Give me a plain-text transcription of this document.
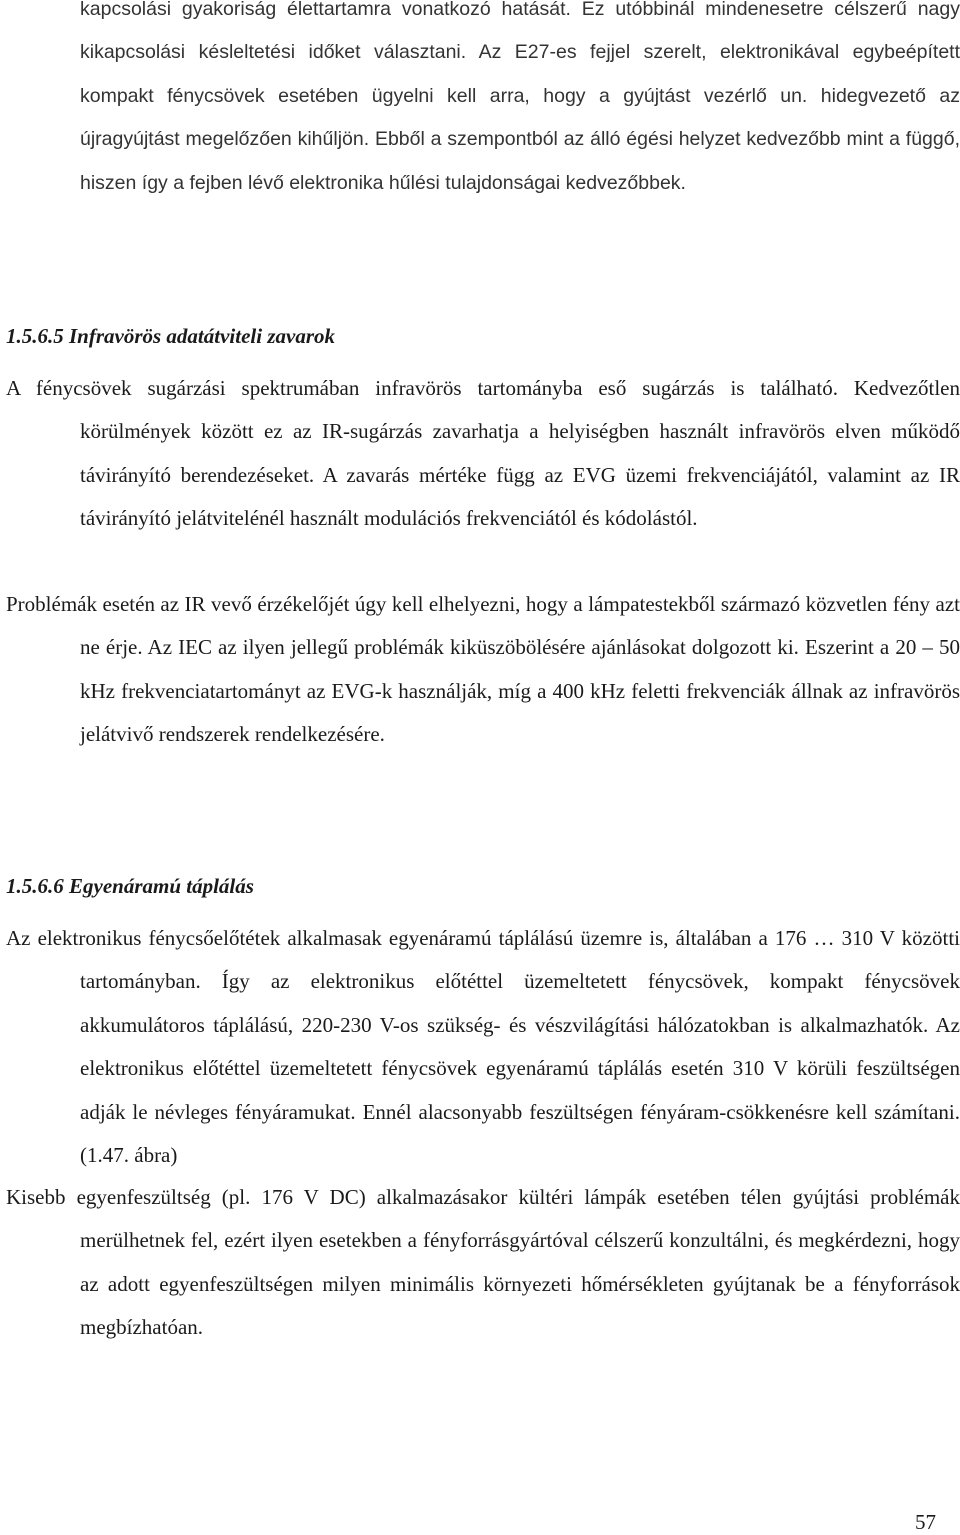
kapcsolási gyakoriság élettartamra vonatkozó hatását. Ez utóbbinál mindenesetre célszerű nagy kikapcsolási késleltetési időket választani. Az E27-es fejjel szerelt, elektronikával egybeépített kompakt fénycsövek esetében ügyelni kell arra, hogy a gyújtást vezérlő un. hidegvezető az újragyújtást megelőzően kihűljön. Ebből a szempontból az álló égési helyzet kedvezőbb mint a függő, hiszen így a fejben lévő elektronika hűlési tulajdonságai kedvezőbbek.

1.5.6.5 Infravörös adatátviteli zavarok

A fénycsövek sugárzási spektrumában infravörös tartományba eső sugárzás is található. Kedvezőtlen körülmények között ez az IR-sugárzás zavarhatja a helyiségben használt infravörös elven működő távirányító berendezéseket. A zavarás mértéke függ az EVG üzemi frekvenciájától, valamint az IR távirányító jelátvitelénél használt modulációs frekvenciától és kódolástól.

Problémák esetén az IR vevő érzékelőjét úgy kell elhelyezni, hogy a lámpatestekből származó közvetlen fény azt ne érje. Az IEC az ilyen jellegű problémák kiküszöbölésére ajánlásokat dolgozott ki. Eszerint a 20 – 50 kHz frekvenciatartományt az EVG-k használják, míg a 400 kHz feletti frekvenciák állnak az infravörös jelátvivő rendszerek rendelkezésére.

1.5.6.6 Egyenáramú táplálás

Az elektronikus fénycsőelőtétek alkalmasak egyenáramú táplálású üzemre is, általában a 176 … 310 V közötti tartományban. Így az elektronikus előtéttel üzemeltetett fénycsövek, kompakt fénycsövek akkumulátoros táplálású, 220-230 V-os szükség- és vészvilágítási hálózatokban is alkalmazhatók. Az elektronikus előtéttel üzemeltetett fénycsövek egyenáramú táplálás esetén 310 V körüli feszültségen adják le névleges fényáramukat. Ennél alacsonyabb feszültségen fényáram-csökkenésre kell számítani. (1.47. ábra)

Kisebb egyenfeszültség (pl. 176 V DC) alkalmazásakor kültéri lámpák esetében télen gyújtási problémák merülhetnek fel, ezért ilyen esetekben a fényforrásgyártóval célszerű konzultálni, és megkérdezni, hogy az adott egyenfeszültségen milyen minimális környezeti hőmérsékleten gyújtanak be a fényforrások megbízhatóan.

57
